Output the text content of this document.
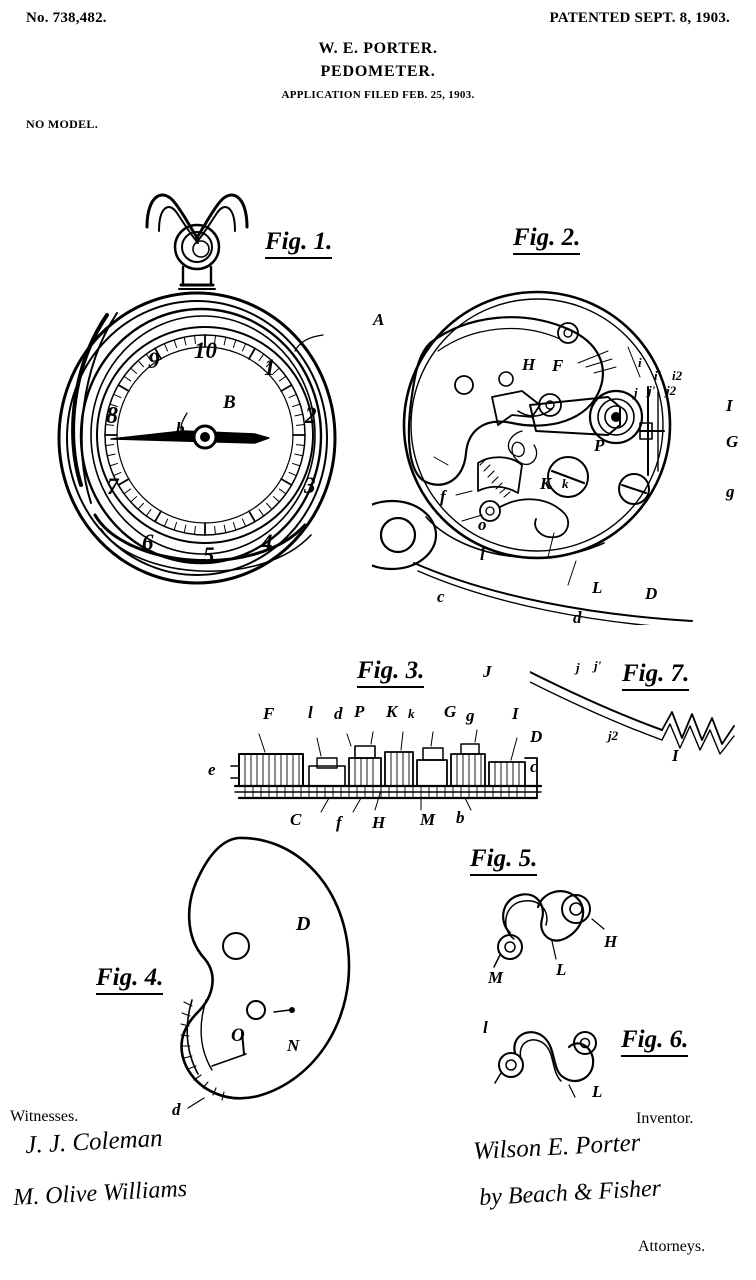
No. 738,482.	PATENTED SEPT. 8, 1903.
W. E. PORTER.
PEDOMETER.
APPLICATION FILED FEB. 25, 1903.
NO MODEL.
Fig. 1.
A
B
b
9 10
1
8	2
7	3
6
5
4
Fig. 2.
H F	i
i' i2
j j' j2
I
P	G
g
K k
f
o
l
L
c
d
D
Fig. 3.
F l d P K k G g I
D
c
e
C f H M b
J	j j'
j2
Fig. 7.
I
Fig. 4.
D
O N
d
Fig. 5.
M	L
H
Fig. 6.
l
L
Witnesses.
J. J. Coleman
M. Olive Williams
Inventor.
Wilson E. Porter
by Beach & Fisher
Attorneys.
